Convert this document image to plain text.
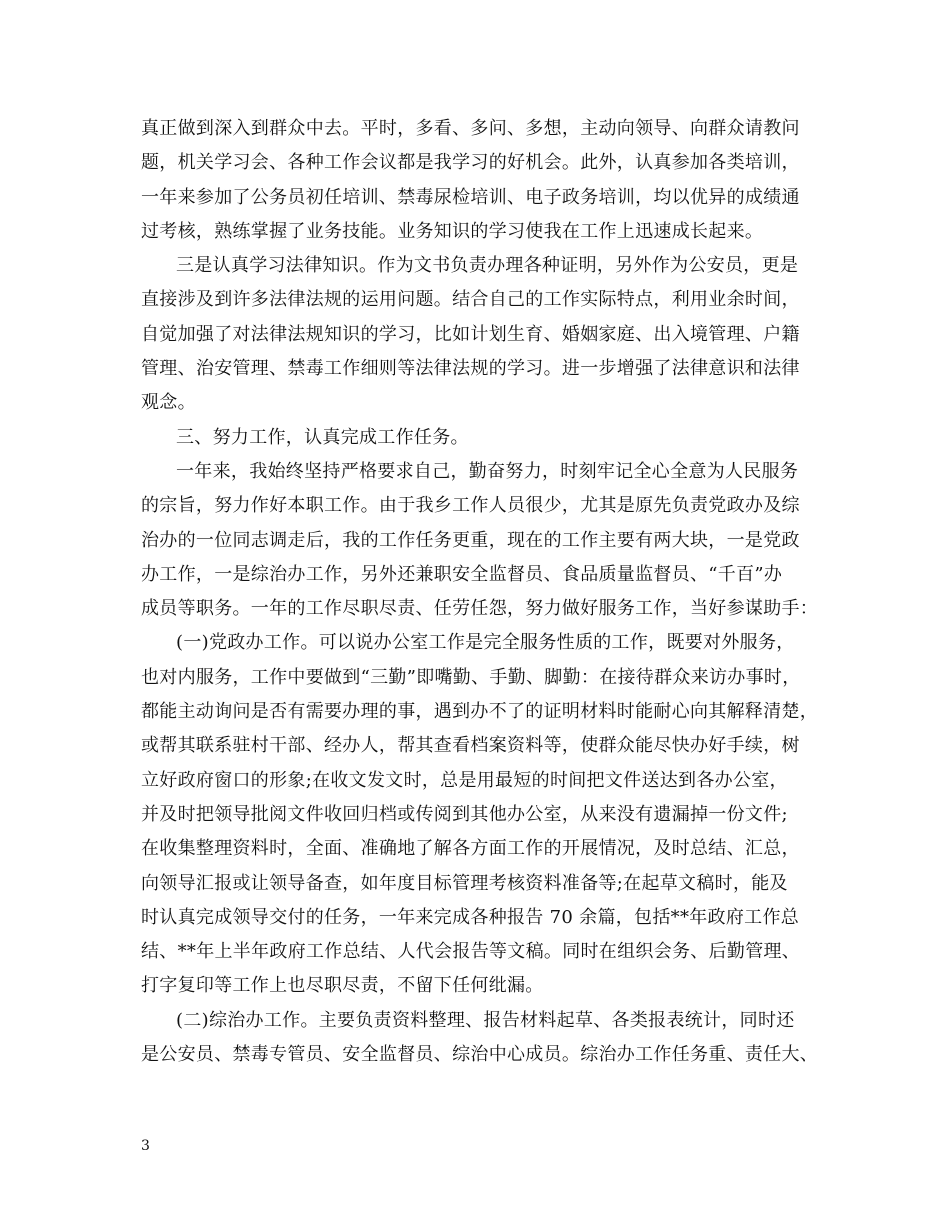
真正做到深入到群众中去。平时，多看、多问、多想，主动向领导、向群众请教问
题，机关学习会、各种工作会议都是我学习的好机会。此外，认真参加各类培训，
一年来参加了公务员初任培训、禁毒尿检培训、电子政务培训，均以优异的成绩通
过考核，熟练掌握了业务技能。业务知识的学习使我在工作上迅速成长起来。
三是认真学习法律知识。作为文书负责办理各种证明，另外作为公安员，更是
直接涉及到许多法律法规的运用问题。结合自己的工作实际特点，利用业余时间，
自觉加强了对法律法规知识的学习，比如计划生育、婚姻家庭、出入境管理、户籍
管理、治安管理、禁毒工作细则等法律法规的学习。进一步增强了法律意识和法律
观念。
三、努力工作，认真完成工作任务。
一年来，我始终坚持严格要求自己，勤奋努力，时刻牢记全心全意为人民服务
的宗旨，努力作好本职工作。由于我乡工作人员很少，尤其是原先负责党政办及综
治办的一位同志调走后，我的工作任务更重，现在的工作主要有两大块，一是党政
办工作，一是综治办工作，另外还兼职安全监督员、食品质量监督员、“千百”办
成员等职务。一年的工作尽职尽责、任劳任怨，努力做好服务工作，当好参谋助手：
(一)党政办工作。可以说办公室工作是完全服务性质的工作，既要对外服务，
也对内服务，工作中要做到“三勤”即嘴勤、手勤、脚勤：在接待群众来访办事时，
都能主动询问是否有需要办理的事，遇到办不了的证明材料时能耐心向其解释清楚，
或帮其联系驻村干部、经办人，帮其查看档案资料等，使群众能尽快办好手续，树
立好政府窗口的形象;在收文发文时，总是用最短的时间把文件送达到各办公室，
并及时把领导批阅文件收回归档或传阅到其他办公室，从来没有遗漏掉一份文件;
在收集整理资料时，全面、准确地了解各方面工作的开展情况，及时总结、汇总，
向领导汇报或让领导备查，如年度目标管理考核资料准备等;在起草文稿时，能及
时认真完成领导交付的任务，一年来完成各种报告 70 余篇，包括**年政府工作总
结、**年上半年政府工作总结、人代会报告等文稿。同时在组织会务、后勤管理、
打字复印等工作上也尽职尽责，不留下任何纰漏。
(二)综治办工作。主要负责资料整理、报告材料起草、各类报表统计，同时还
是公安员、禁毒专管员、安全监督员、综治中心成员。综治办工作任务重、责任大、
3
